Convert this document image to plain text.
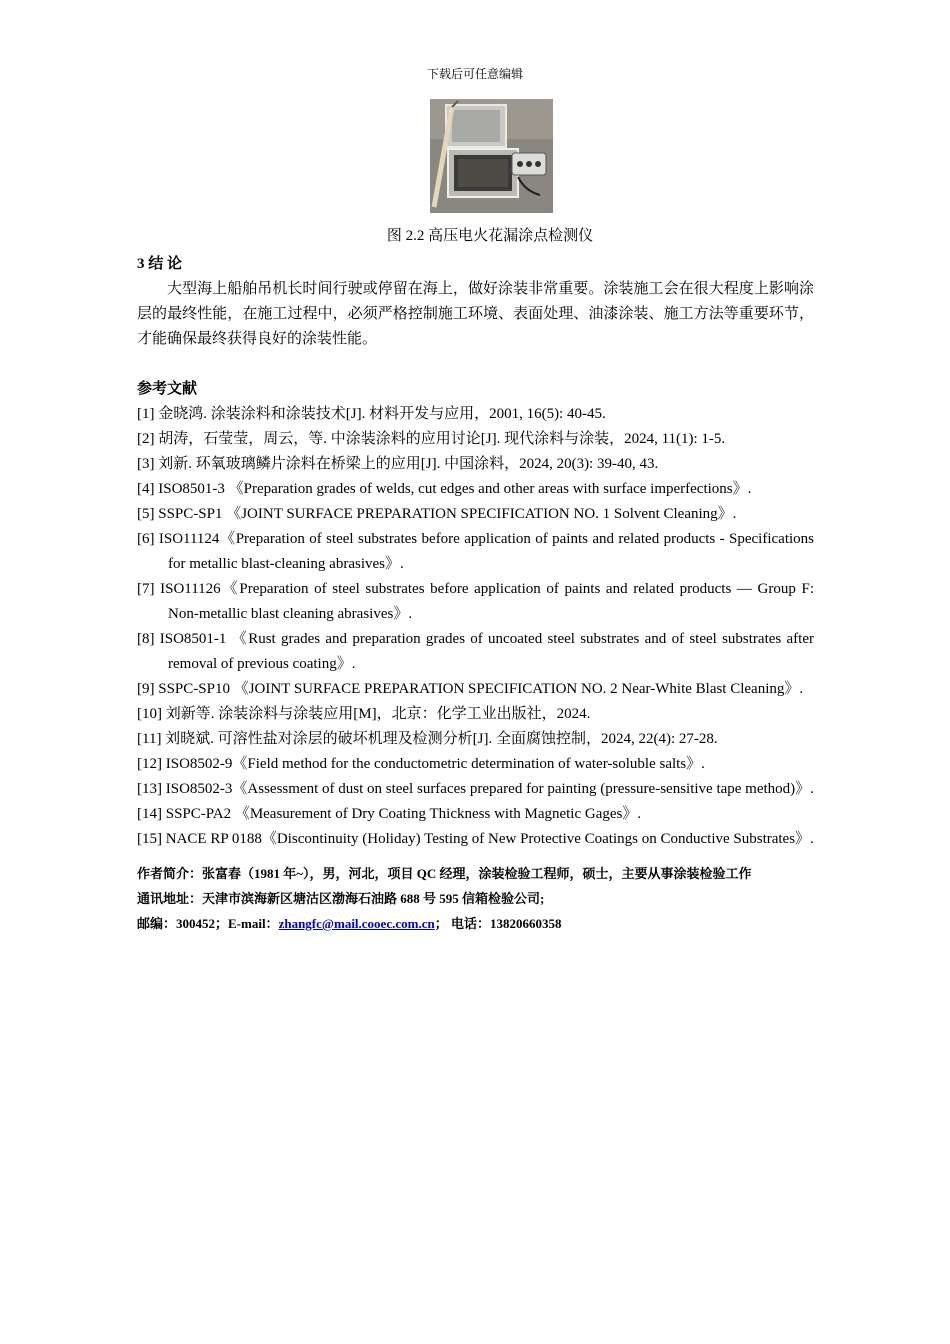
下载后可任意编辑
图 2.2 高压电火花漏涂点检测仪
3 结 论
大型海上船舶吊机长时间行驶或停留在海上，做好涂装非常重要。涂装施工会在很大程度上影响涂层的最终性能，在施工过程中，必须严格控制施工环境、表面处理、油漆涂装、施工方法等重要环节，才能确保最终获得良好的涂装性能。
参考文献
[1] 金晓鸿. 涂装涂料和涂装技术[J]. 材料开发与应用，2001, 16(5): 40-45.
[2] 胡涛，石莹莹，周云，等. 中涂装涂料的应用讨论[J]. 现代涂料与涂装，2024, 11(1): 1-5.
[3] 刘新. 环氧玻璃鳞片涂料在桥梁上的应用[J]. 中国涂料，2024, 20(3): 39-40, 43.
[4] ISO8501-3 《Preparation grades of welds, cut edges and other areas with surface imperfections》.
[5] SSPC-SP1 《JOINT SURFACE PREPARATION SPECIFICATION NO. 1 Solvent Cleaning》.
[6] ISO11124《Preparation of steel substrates before application of paints and related products - Specifications for metallic blast-cleaning abrasives》.
[7] ISO11126《Preparation of steel substrates before application of paints and related products — Group F: Non-metallic blast cleaning abrasives》.
[8] ISO8501-1 《Rust grades and preparation grades of uncoated steel substrates and of steel substrates after removal of previous coating》.
[9] SSPC-SP10 《JOINT SURFACE PREPARATION SPECIFICATION NO. 2 Near-White Blast Cleaning》.
[10] 刘新等. 涂装涂料与涂装应用[M]，北京：化学工业出版社，2024.
[11] 刘晓斌. 可溶性盐对涂层的破坏机理及检测分析[J]. 全面腐蚀控制，2024, 22(4): 27-28.
[12] ISO8502-9《Field method for the conductometric determination of water-soluble salts》.
[13] ISO8502-3《Assessment of dust on steel surfaces prepared for painting (pressure-sensitive tape method)》.
[14] SSPC-PA2 《Measurement of Dry Coating Thickness with Magnetic Gages》.
[15] NACE RP 0188《Discontinuity (Holiday) Testing of New Protective Coatings on Conductive Substrates》.

作者简介：张富春（1981 年~），男，河北，项目 QC 经理，涂装检验工程师，硕士，主要从事涂装检验工作

通讯地址：天津市滨海新区塘沽区渤海石油路 688 号 595 信箱检验公司;

邮编：300452；E-mail：zhangfc@mail.cooec.com.cn； 电话：13820660358
